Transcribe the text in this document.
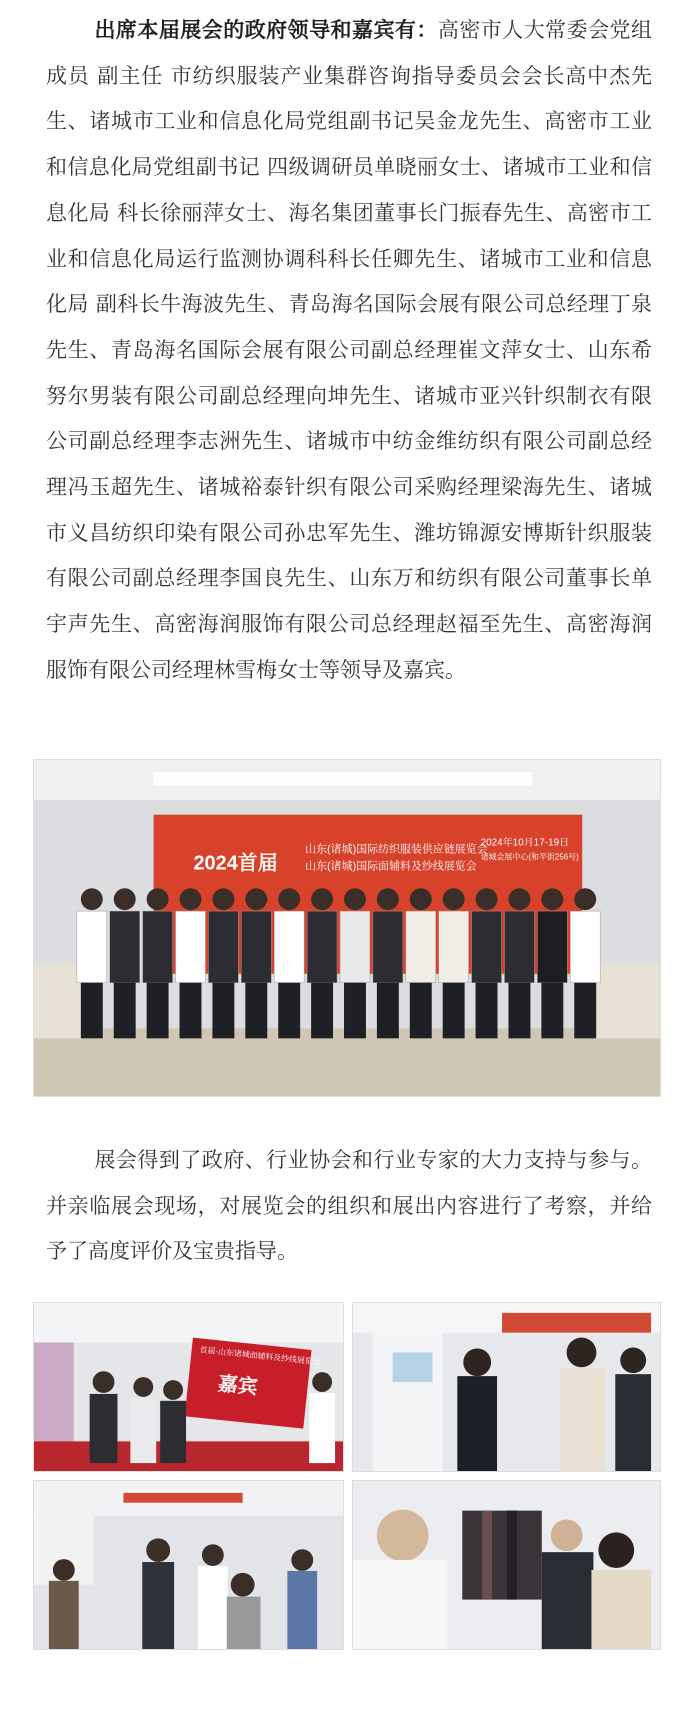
出席本届展会的政府领导和嘉宾有：高密市人大常委会党组成员 副主任 市纺织服装产业集群咨询指导委员会会长高中杰先生、诸城市工业和信息化局党组副书记吴金龙先生、高密市工业和信息化局党组副书记 四级调研员单晓丽女士、诸城市工业和信息化局 科长徐丽萍女士、海名集团董事长门振春先生、高密市工业和信息化局运行监测协调科科长任卿先生、诸城市工业和信息化局 副科长牛海波先生、青岛海名国际会展有限公司总经理丁泉先生、青岛海名国际会展有限公司副总经理崔文萍女士、山东希努尔男装有限公司副总经理向坤先生、诸城市亚兴针织制衣有限公司副总经理李志洲先生、诸城市中纺金维纺织有限公司副总经理冯玉超先生、诸城裕泰针织有限公司采购经理梁海先生、诸城市义昌纺织印染有限公司孙忠军先生、潍坊锦源安博斯针织服装有限公司副总经理李国良先生、山东万和纺织有限公司董事长单宇声先生、高密海润服饰有限公司总经理赵福至先生、高密海润服饰有限公司经理林雪梅女士等领导及嘉宾。

2024首届
山东(诸城)国际纺织服装供应链展览会
山东(诸城)国际面辅料及纱线展览会
2024年10月17-19日
诸城会展中心(和平街256号)

展会得到了政府、行业协会和行业专家的大力支持与参与。并亲临展会现场，对展览会的组织和展出内容进行了考察，并给予了高度评价及宝贵指导。

首届·山东诸城面辅料及纱线展览会
嘉宾
